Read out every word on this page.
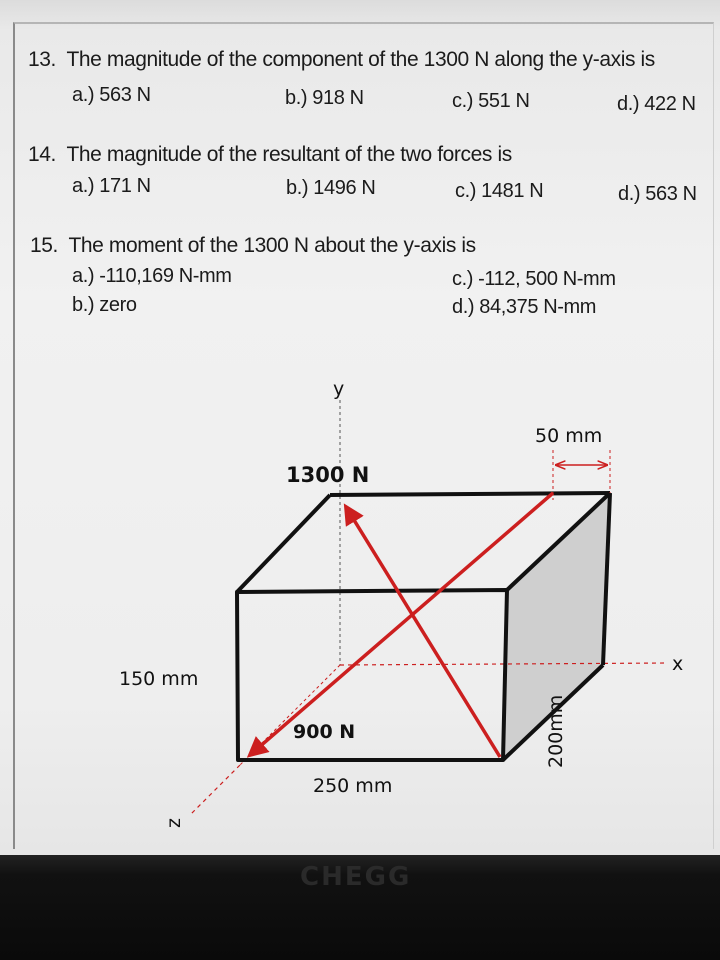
13. The magnitude of the component of the 1300 N along the y-axis is
a.) 563 N	b.) 918 N	c.) 551 N	d.) 422 N
14. The magnitude of the resultant of the two forces is
a.) 171 N	b.) 1496 N	c.) 1481 N	d.) 563 N
15. The moment of the 1300 N about the y-axis is
a.) -110,169 N-mm
b.) zero
c.) -112, 500 N-mm
d.) 84,375 N-mm
y
x
z
1300 N
900 N
50 mm
150 mm
250 mm
200mm
CHEGG
